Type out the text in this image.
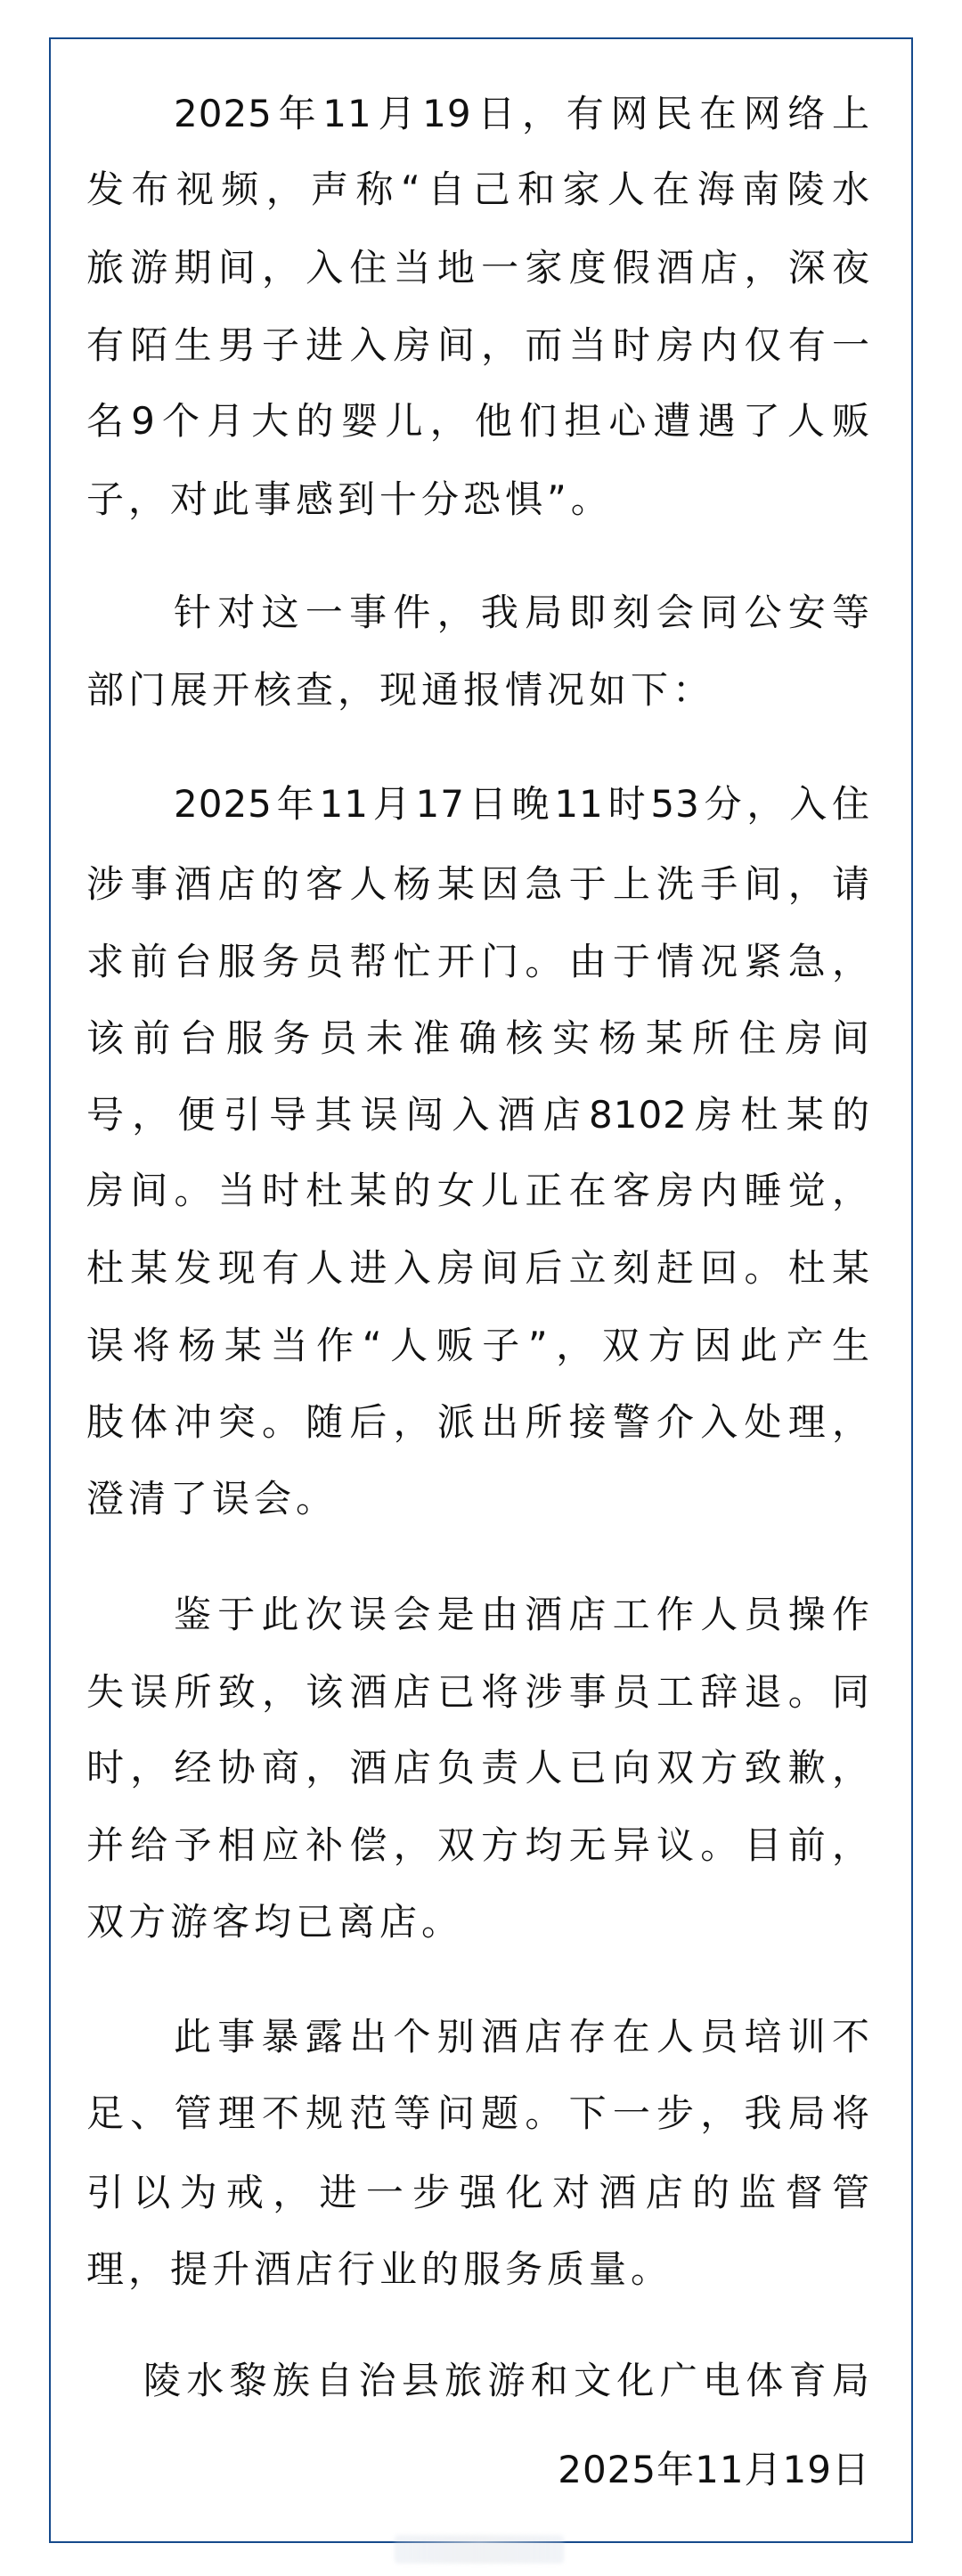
2025年11月19日，有网民在网络上
发布视频，声称“自己和家人在海南陵水
旅游期间，入住当地一家度假酒店，深夜
有陌生男子进入房间，而当时房内仅有一
名9个月大的婴儿，他们担心遭遇了人贩
子，对此事感到十分恐惧”。
针对这一事件，我局即刻会同公安等
部门展开核查，现通报情况如下：
2025年11月17日晚11时53分，入住
涉事酒店的客人杨某因急于上洗手间，请
求前台服务员帮忙开门。由于情况紧急，
该前台服务员未准确核实杨某所住房间
号，便引导其误闯入酒店8102房杜某的
房间。当时杜某的女儿正在客房内睡觉，
杜某发现有人进入房间后立刻赶回。杜某
误将杨某当作“人贩子”，双方因此产生
肢体冲突。随后，派出所接警介入处理，
澄清了误会。
鉴于此次误会是由酒店工作人员操作
失误所致，该酒店已将涉事员工辞退。同
时，经协商，酒店负责人已向双方致歉，
并给予相应补偿，双方均无异议。目前，
双方游客均已离店。
此事暴露出个别酒店存在人员培训不
足、管理不规范等问题。下一步，我局将
引以为戒，进一步强化对酒店的监督管
理，提升酒店行业的服务质量。
陵水黎族自治县旅游和文化广电体育局
2025年11月19日
